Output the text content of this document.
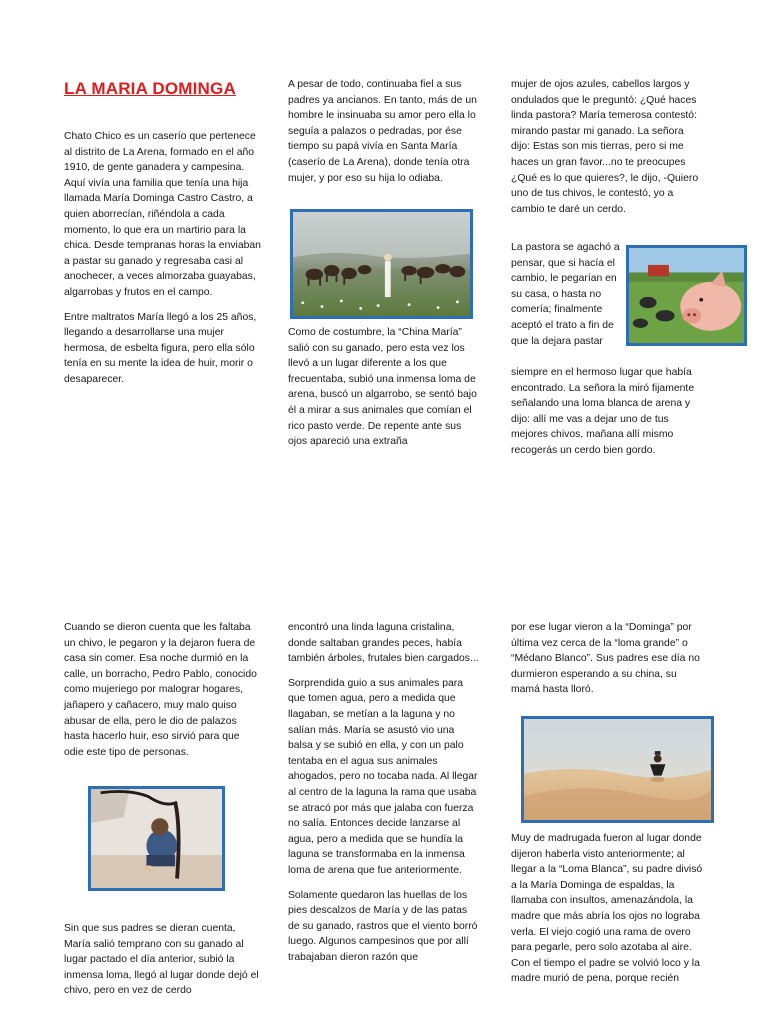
LA MARIA DOMINGA

Chato Chico es un caserío que pertenece al distrito de La Arena, formado en el año 1910, de gente ganadera y campesina. Aquí vivía una familia que tenía una hija llamada María Dominga Castro Castro, a quien aborrecían, riñéndola a cada momento, lo que era un martirio para la chica. Desde tempranas horas la enviaban a pastar su ganado y regresaba casi al anochecer, a veces almorzaba guayabas, algarrobas y frutos en el campo.

Entre maltratos María llegó a los 25 años, llegando a desarrollarse una mujer hermosa, de esbelta figura, pero ella sólo tenía en su mente la idea de huir, morir o desaparecer.

A pesar de todo, continuaba fiel a sus padres ya ancianos. En tanto, más de un hombre le insinuaba su amor pero ella lo seguía a palazos o pedradas, por ése tiempo su papá vivía en Santa María (caserío de La Arena), donde tenía otra mujer, y por eso su hija lo odiaba.

Como de costumbre, la “China María” salió con su ganado, pero esta vez los llevó a un lugar diferente a los que frecuentaba, subió una inmensa loma de arena, buscó un algarrobo, se sentó bajo él a mirar a sus animales que comían el rico pasto verde. De repente ante sus ojos apareció una extraña

mujer de ojos azules, cabellos largos y ondulados que le preguntó: ¿Qué haces linda pastora? María temerosa contestó: mirando pastar mi ganado. La señora dijo: Estas son mis tierras, pero si me haces un gran favor...no te preocupes ¿Qué es lo que quieres?, le dijo, -Quiero uno de tus chivos, le contestó, yo a cambio te daré un cerdo.

La pastora se agachó a pensar, que si hacía el cambio, le pegarían en su casa, o hasta no comería; finalmente aceptó el trato a fin de que la dejara pastar

siempre en el hermoso lugar que había encontrado. La señora la miró fijamente señalando una loma blanca de arena y dijo: allí me vas a dejar uno de tus mejores chivos, mañana allí mismo recogerás un cerdo bien gordo.

Cuando se dieron cuenta que les faltaba un chivo, le pegaron y la dejaron fuera de casa sin comer. Esa noche durmió en la calle, un borracho, Pedro Pablo, conocido como mujeriego por malograr hogares, jañapero y cañacero, muy malo quiso abusar de ella, pero le dio de palazos hasta hacerlo huir, eso sirvió para que odie este tipo de personas.

Sin que sus padres se dieran cuenta, María salió temprano con su ganado al lugar pactado el día anterior, subió la inmensa loma, llegó al lugar donde dejó el chivo, pero en vez de cerdo

encontró una linda laguna cristalina, donde saltaban grandes peces, había también árboles, frutales bien cargados...

Sorprendida guio a sus animales para que tomen agua, pero a medida que llagaban, se metían a la laguna y no salían más. María se asustó vio una balsa y se subió en ella, y con un palo tentaba en el agua sus animales ahogados, pero no tocaba nada. Al llegar al centro de la laguna la rama que usaba se atracó por más que jalaba con fuerza no salía. Entonces decide lanzarse al agua, pero a medida que se hundía la laguna se transformaba en la inmensa loma de arena que fue anteriormente.

Solamente quedaron las huellas de los pies descalzos de María y de las patas de su ganado, rastros que el viento borró luego. Algunos campesinos que por allí trabajaban dieron razón que

por ese lugar vieron a la “Dominga” por última vez cerca de la “loma grande” o “Médano Blanco”. Sus padres ese día no durmieron esperando a su china, su mamá hasta lloró.

Muy de madrugada fueron al lugar donde dijeron haberla visto anteriormente; al llegar a la “Loma Blanca”, su padre divisó a la María Dominga de espaldas, la llamaba con insultos, amenazándola, la madre que más abría los ojos no lograba verla. El viejo cogió una rama de overo para pegarle, pero solo azotaba al aire. Con el tiempo el padre se volvió loco y la madre murió de pena, porque recién
